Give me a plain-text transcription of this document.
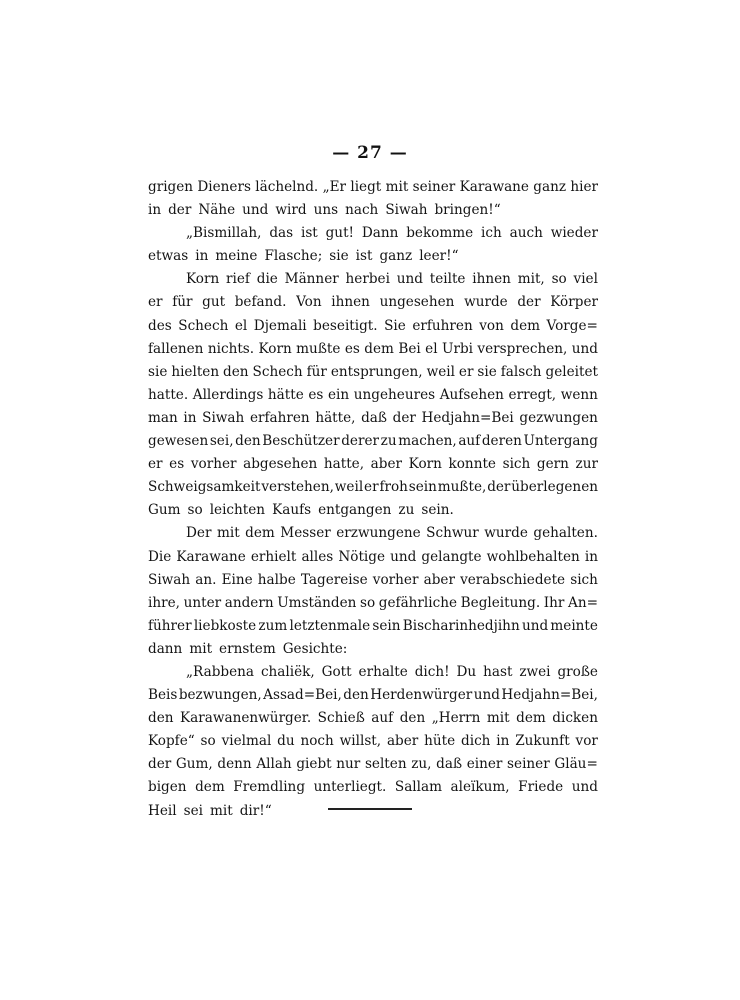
— 27 —
grigen Dieners lächelnd. „Er liegt mit seiner Karawane ganz hier
in der Nähe und wird uns nach Siwah bringen!“
„Bismillah, das ist gut! Dann bekomme ich auch wieder
etwas in meine Flasche; sie ist ganz leer!“
Korn rief die Männer herbei und teilte ihnen mit, so viel
er für gut befand. Von ihnen ungesehen wurde der Körper
des Schech el Djemali beseitigt. Sie erfuhren von dem Vorge=
fallenen nichts. Korn mußte es dem Bei el Urbi versprechen, und
sie hielten den Schech für entsprungen, weil er sie falsch geleitet
hatte. Allerdings hätte es ein ungeheures Aufsehen erregt, wenn
man in Siwah erfahren hätte, daß der Hedjahn=Bei gezwungen
gewesen sei, den Beschützer derer zu machen, auf deren Untergang
er es vorher abgesehen hatte, aber Korn konnte sich gern zur
Schweigsamkeit verstehen, weil er froh sein mußte, der überlegenen
Gum so leichten Kaufs entgangen zu sein.
Der mit dem Messer erzwungene Schwur wurde gehalten.
Die Karawane erhielt alles Nötige und gelangte wohlbehalten in
Siwah an. Eine halbe Tagereise vorher aber verabschiedete sich
ihre, unter andern Umständen so gefährliche Begleitung. Ihr An=
führer liebkoste zum letztenmale sein Bischarinhedjihn und meinte
dann mit ernstem Gesichte:
„Rabbena chaliëk, Gott erhalte dich! Du hast zwei große
Beis bezwungen, Assad=Bei, den Herdenwürger und Hedjahn=Bei,
den Karawanenwürger. Schieß auf den „Herrn mit dem dicken
Kopfe“ so vielmal du noch willst, aber hüte dich in Zukunft vor
der Gum, denn Allah giebt nur selten zu, daß einer seiner Gläu=
bigen dem Fremdling unterliegt. Sallam aleïkum, Friede und
Heil sei mit dir!“
